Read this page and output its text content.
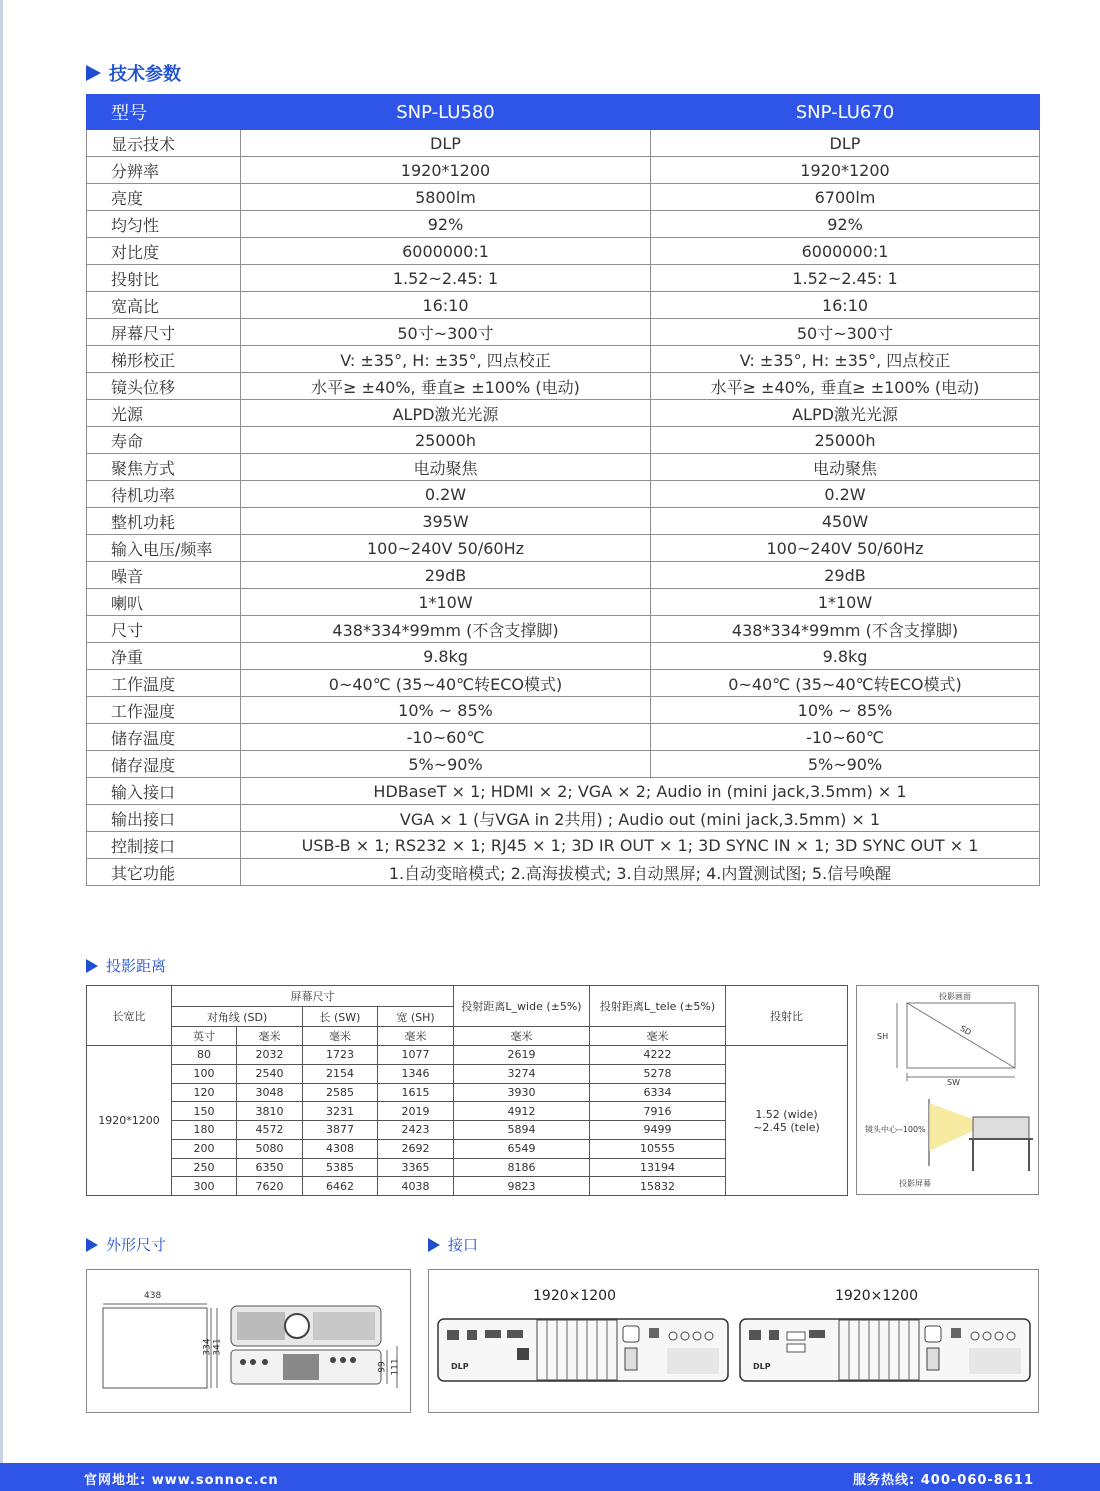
技术参数
型号	SNP-LU580	SNP-LU670
显示技术	DLP	DLP
分辨率	1920*1200	1920*1200
亮度	5800lm	6700lm
均匀性	92%	92%
对比度	6000000:1	6000000:1
投射比	1.52~2.45: 1	1.52~2.45: 1
宽高比	16:10	16:10
屏幕尺寸	50寸~300寸	50寸~300寸
梯形校正	V: ±35°, H: ±35°, 四点校正	V: ±35°, H: ±35°, 四点校正
镜头位移	水平≥ ±40%, 垂直≥ ±100% (电动)	水平≥ ±40%, 垂直≥ ±100% (电动)
光源	ALPD激光光源	ALPD激光光源
寿命	25000h	25000h
聚焦方式	电动聚焦	电动聚焦
待机功率	0.2W	0.2W
整机功耗	395W	450W
输入电压/频率	100~240V 50/60Hz	100~240V 50/60Hz
噪音	29dB	29dB
喇叭	1*10W	1*10W
尺寸	438*334*99mm (不含支撑脚)	438*334*99mm (不含支撑脚)
净重	9.8kg	9.8kg
工作温度	0~40℃ (35~40℃转ECO模式)	0~40℃ (35~40℃转ECO模式)
工作湿度	10% ~ 85%	10% ~ 85%
储存温度	-10~60℃	-10~60℃
储存湿度	5%~90%	5%~90%
输入接口	HDBaseT × 1; HDMI × 2; VGA × 2; Audio in (mini jack,3.5mm) × 1	
输出接口	VGA × 1 (与VGA in 2共用) ; Audio out (mini jack,3.5mm) × 1	
控制接口	USB-B × 1; RS232 × 1; RJ45 × 1; 3D IR OUT × 1; 3D SYNC IN × 1; 3D SYNC OUT × 1	
其它功能	1.自动变暗模式; 2.高海拔模式; 3.自动黑屏; 4.内置测试图; 5.信号唤醒	
投影距离
长宽比	屏幕尺寸				投射距离L_wide (±5%)	投射距离L_tele (±5%)	投射比
	对角线 (SD)		长 (SW)	宽 (SH)			
	英寸	毫米	毫米	毫米	毫米	毫米	
1920*1200	80	2032	1723	1077	2619	4222	1.52 (wide)
~2.45 (tele)

	100	2540	2154	1346	3274	5278	
	120	3048	2585	1615	3930	6334	
	150	3810	3231	2019	4912	7916	
	180	4572	3877	2423	5894	9499	
	200	5080	4308	2692	6549	10555	
	250	6350	5385	3365	8186	13194	
	300	7620	6462	4038	9823	15832	
投影画面
SH	SD
SW
镜头中心--100%
投影屏幕
外形尺寸
438
334 341
99 111
接口
1920×1200	1920×1200
DLP	DLP
官网地址: www.sonnoc.cn	服务热线: 400-060-8611
